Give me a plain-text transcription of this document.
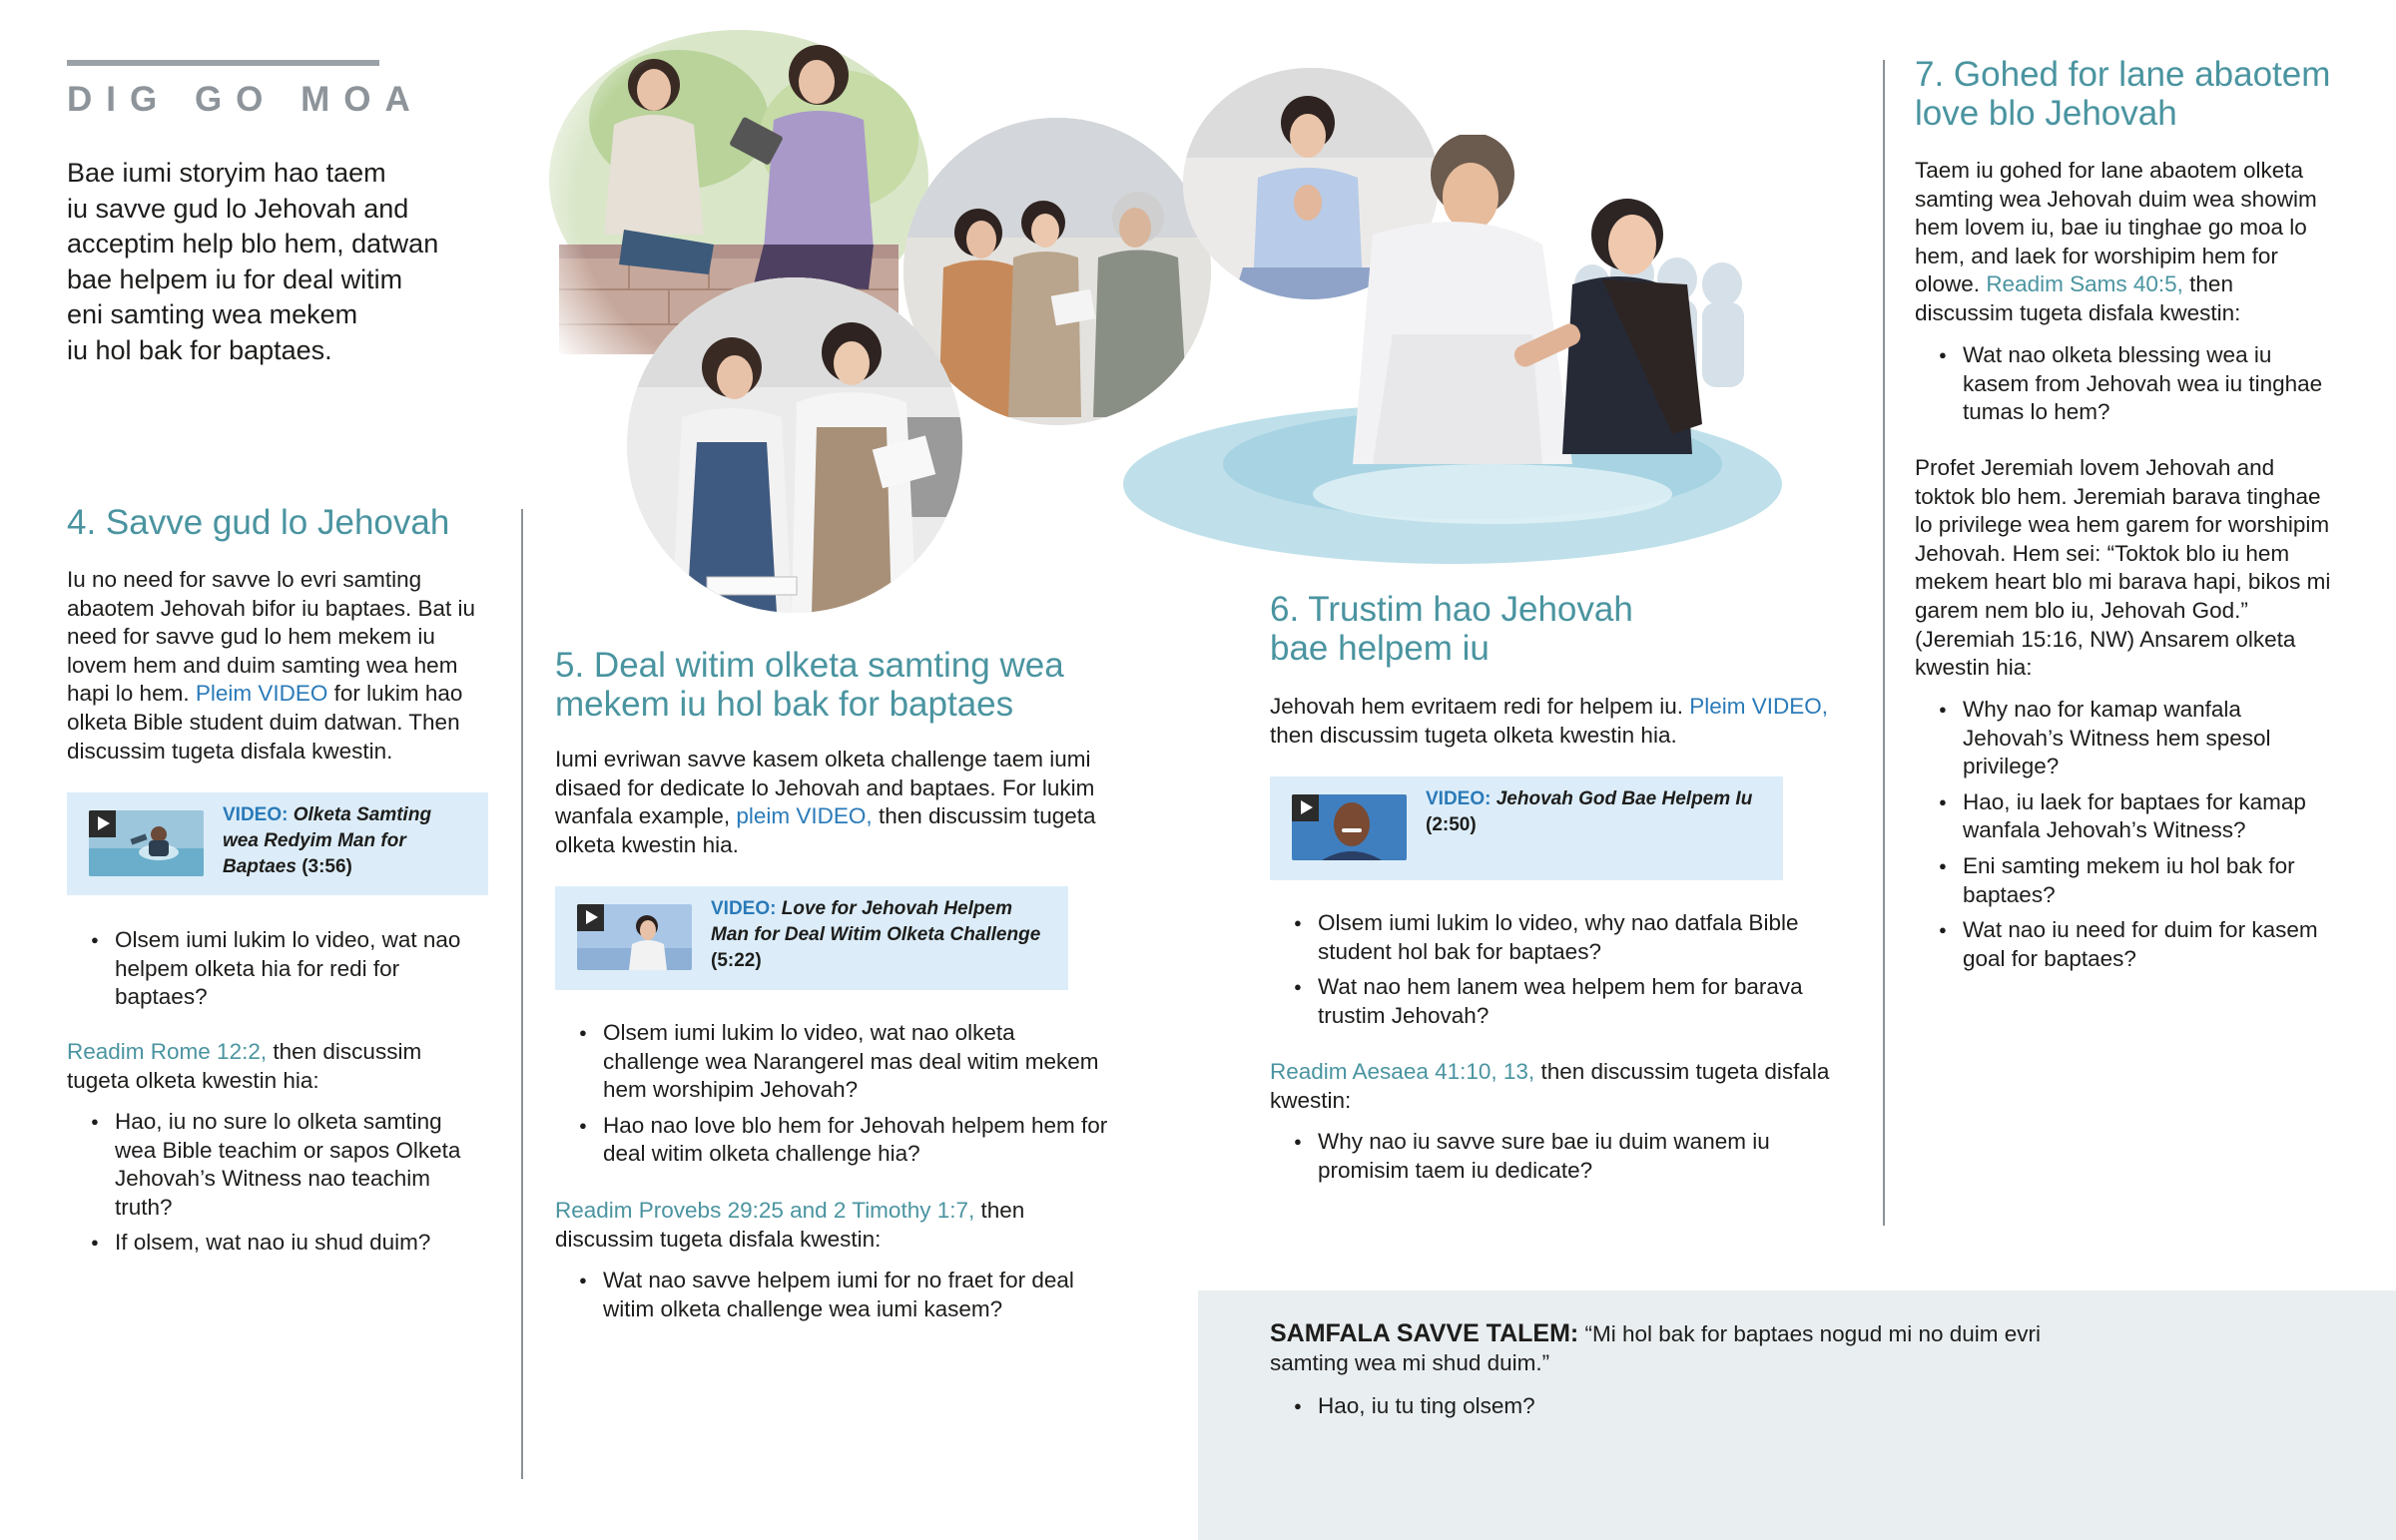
DIG GO MOA
Bae iumi storyim hao taem
iu savve gud lo Jehovah and
acceptim help blo hem, datwan
bae helpem iu for deal witim
eni samting wea mekem
iu hol bak for baptaes.
4. Savve gud lo Jehovah
Iu no need for savve lo evri samting abaotem Jehovah bifor iu baptaes. Bat iu need for savve gud lo hem mekem iu lovem hem and duim samting wea hem hapi lo hem. Pleim VIDEO for lukim hao olketa Bible student duim datwan. Then discussim tugeta disfala kwestin.
VIDEO: Olketa Samting wea Redyim Man for Baptaes (3:56)
● Olsem iumi lukim lo video, wat nao helpem olketa hia for redi for baptaes?
Readim Rome 12:2, then discussim tugeta olketa kwestin hia:
● Hao, iu no sure lo olketa samting wea Bible teachim or sapos Olketa Jehovah’s Witness nao teachim truth?
● If olsem, wat nao iu shud duim?
5. Deal witim olketa samting wea
mekem iu hol bak for baptaes
Iumi evriwan savve kasem olketa challenge taem iumi disaed for dedicate lo Jehovah and baptaes. For lukim wanfala example, pleim VIDEO, then discussim tugeta olketa kwestin hia.
VIDEO: Love for Jehovah Helpem Man for Deal Witim Olketa Challenge (5:22)
● Olsem iumi lukim lo video, wat nao olketa challenge wea Narangerel mas deal witim mekem hem worshipim Jehovah?
● Hao nao love blo hem for Jehovah helpem hem for deal witim olketa challenge hia?
Readim Provebs 29:25 and 2 Timothy 1:7, then discussim tugeta disfala kwestin:
● Wat nao savve helpem iumi for no fraet for deal witim olketa challenge wea iumi kasem?
6. Trustim hao Jehovah
bae helpem iu
Jehovah hem evritaem redi for helpem iu. Pleim VIDEO, then discussim tugeta olketa kwestin hia.
VIDEO: Jehovah God Bae Helpem Iu
(2:50)
● Olsem iumi lukim lo video, why nao datfala Bible student hol bak for baptaes?
● Wat nao hem lanem wea helpem hem for barava trustim Jehovah?
Readim Aesaea 41:10, 13, then discussim tugeta disfala kwestin:
● Why nao iu savve sure bae iu duim wanem iu promisim taem iu dedicate?
7. Gohed for lane abaotem
love blo Jehovah
Taem iu gohed for lane abaotem olketa samting wea Jehovah duim wea showim hem lovem iu, bae iu tinghae go moa lo hem, and laek for worshipim hem for olowe. Readim Sams 40:5, then discussim tugeta disfala kwestin:
● Wat nao olketa blessing wea iu kasem from Jehovah wea iu tinghae tumas lo hem?
Profet Jeremiah lovem Jehovah and toktok blo hem. Jeremiah barava tinghae lo privilege wea hem garem for worshipim Jehovah. Hem sei: “Toktok blo iu hem mekem heart blo mi barava hapi, bikos mi garem nem blo iu, Jehovah God.” (Jeremiah 15:16, NW) Ansarem olketa kwestin hia:
● Why nao for kamap wanfala Jehovah’s Witness hem spesol privilege?
● Hao, iu laek for baptaes for kamap wanfala Jehovah’s Witness?
● Eni samting mekem iu hol bak for baptaes?
● Wat nao iu need for duim for kasem goal for baptaes?
SAMFALA SAVVE TALEM: “Mi hol bak for baptaes nogud mi no duim evri samting wea mi shud duim.”
● Hao, iu tu ting olsem?
